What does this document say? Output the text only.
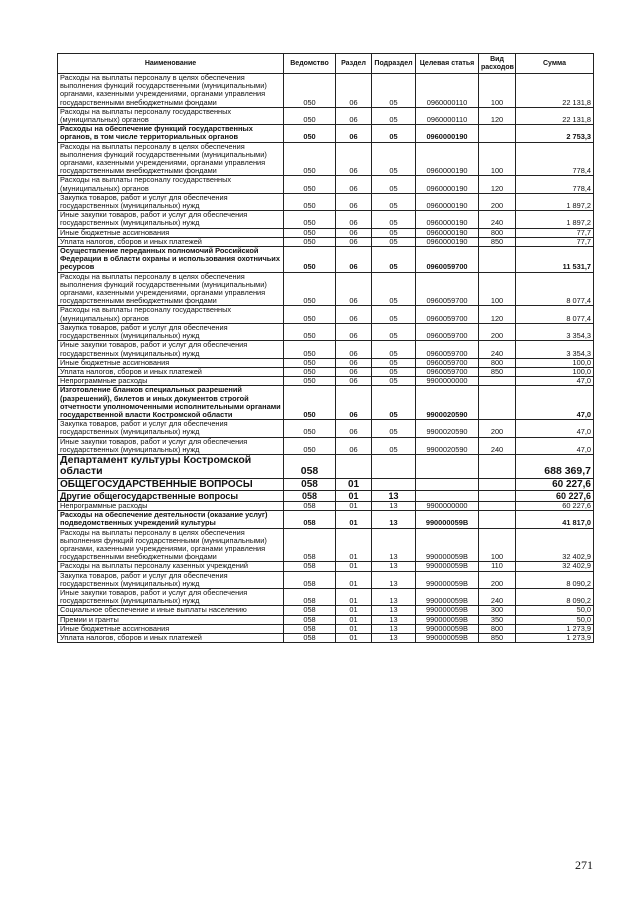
Наименование	Ведомство	Раздел	Подраздел	Целевая статья	Вид расходов	Сумма
Расходы на выплаты персоналу в целях обеспечения выполнения функций государственными (муниципальными) органами, казенными учреждениями, органами управления государственными внебюджетными фондами	050	06	05	0960000110	100	22 131,8
Расходы на выплаты персоналу государственных (муниципальных) органов	050	06	05	0960000110	120	22 131,8
Расходы на обеспечение функций государственных органов, в том числе территориальных органов	050	06	05	0960000190		2 753,3
Расходы на выплаты персоналу в целях обеспечения выполнения функций государственными (муниципальными) органами, казенными учреждениями, органами управления государственными внебюджетными фондами	050	06	05	0960000190	100	778,4
Расходы на выплаты персоналу государственных (муниципальных) органов	050	06	05	0960000190	120	778,4
Закупка товаров, работ и услуг для обеспечения государственных (муниципальных) нужд	050	06	05	0960000190	200	1 897,2
Иные закупки товаров, работ и услуг для обеспечения государственных (муниципальных) нужд	050	06	05	0960000190	240	1 897,2
Иные бюджетные ассигнования	050	06	05	0960000190	800	77,7
Уплата налогов, сборов и иных платежей	050	06	05	0960000190	850	77,7
Осуществление переданных полномочий Российской Федерации в области охраны и использования охотничьих ресурсов	050	06	05	0960059700		11 531,7
Расходы на выплаты персоналу в целях обеспечения выполнения функций государственными (муниципальными) органами, казенными учреждениями, органами управления государственными внебюджетными фондами	050	06	05	0960059700	100	8 077,4
Расходы на выплаты персоналу государственных (муниципальных) органов	050	06	05	0960059700	120	8 077,4
Закупка товаров, работ и услуг для обеспечения государственных (муниципальных) нужд	050	06	05	0960059700	200	3 354,3
Иные закупки товаров, работ и услуг для обеспечения государственных (муниципальных) нужд	050	06	05	0960059700	240	3 354,3
Иные бюджетные ассигнования	050	06	05	0960059700	800	100,0
Уплата налогов, сборов и иных платежей	050	06	05	0960059700	850	100,0
Непрограммные расходы	050	06	05	9900000000		47,0
Изготовление бланков специальных разрешений (разрешений), билетов и иных документов строгой отчетности уполномоченными исполнительными органами государственной власти Костромской области	050	06	05	9900020590		47,0
Закупка товаров, работ и услуг для обеспечения государственных (муниципальных) нужд	050	06	05	9900020590	200	47,0
Иные закупки товаров, работ и услуг для обеспечения государственных (муниципальных) нужд	050	06	05	9900020590	240	47,0
Департамент культуры Костромской области	058					688 369,7
ОБЩЕГОСУДАРСТВЕННЫЕ ВОПРОСЫ	058	01				60 227,6
Другие общегосударственные вопросы	058	01	13			60 227,6
Непрограммные расходы	058	01	13	9900000000		60 227,6
Расходы на обеспечение деятельности (оказание услуг) подведомственных учреждений культуры	058	01	13	990000059В		41 817,0
Расходы на выплаты персоналу в целях обеспечения выполнения функций государственными (муниципальными) органами, казенными учреждениями, органами управления государственными внебюджетными фондами	058	01	13	990000059В	100	32 402,9
Расходы на выплаты персоналу казенных учреждений	058	01	13	990000059В	110	32 402,9
Закупка товаров, работ и услуг для обеспечения государственных (муниципальных) нужд	058	01	13	990000059В	200	8 090,2
Иные закупки товаров, работ и услуг для обеспечения государственных (муниципальных) нужд	058	01	13	990000059В	240	8 090,2
Социальное обеспечение и иные выплаты населению	058	01	13	990000059В	300	50,0
Премии и гранты	058	01	13	990000059В	350	50,0
Иные бюджетные ассигнования	058	01	13	990000059В	800	1 273,9
Уплата налогов, сборов и иных платежей	058	01	13	990000059В	850	1 273,9
271
